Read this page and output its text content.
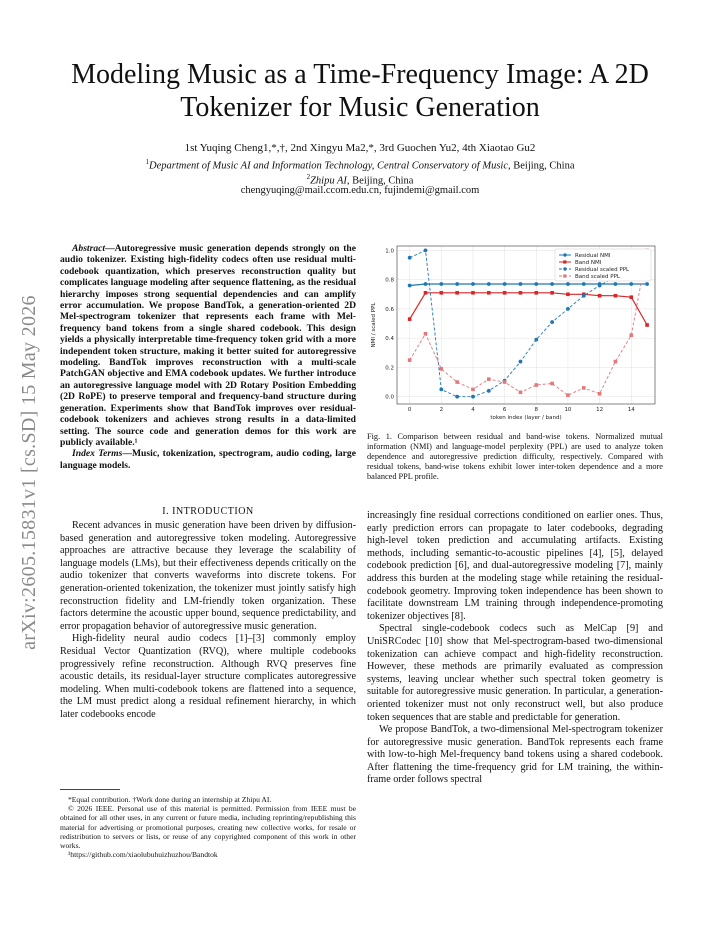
arXiv:2605.15831v1 [cs.SD] 15 May 2026
Modeling Music as a Time-Frequency Image: A 2D Tokenizer for Music Generation
1st Yuqing Cheng1,*,†, 2nd Xingyu Ma2,*, 3rd Guochen Yu2, 4th Xiaotao Gu2
$^1$Department of Music AI and Information Technology, Central Conservatory of Music, Beijing, China
$^2$Zhipu AI, Beijing, China
chengyuqing@mail.ccom.edu.cn, fujindemi@gmail.com

Abstract—Autoregressive music generation depends strongly on the audio tokenizer. Existing high-fidelity codecs often use residual multi-codebook quantization, which preserves reconstruction quality but complicates language modeling after sequence flattening, as the residual hierarchy imposes strong sequential dependencies and can amplify error accumulation. We propose BandTok, a generation-oriented 2D Mel-spectrogram tokenizer that represents each frame with Mel-frequency band tokens from a single shared codebook. This design yields a physically interpretable time-frequency token grid with a more independent token structure, making it better suited for autoregressive modeling. BandTok improves reconstruction with a multi-scale PatchGAN objective and EMA codebook updates. We further introduce an autoregressive language model with 2D Rotary Position Embedding (2D RoPE) to preserve temporal and frequency-band structure during generation. Experiments show that BandTok improves over residual-codebook tokenizers and achieves strong results in a data-limited setting. The source code and generation demos for this work are publicly available.¹

Index Terms—Music, tokenization, spectrogram, audio coding, large language models.

I. INTRODUCTION

Recent advances in music generation have been driven by diffusion-based generation and autoregressive token modeling. Autoregressive approaches are attractive because they leverage the scalability of language models (LMs), but their effectiveness depends critically on the audio tokenizer that converts waveforms into discrete tokens. For generation-oriented tokenization, the tokenizer must jointly satisfy high reconstruction fidelity and LM-friendly token organization. These factors determine the acoustic upper bound, sequence predictability, and error propagation behavior of autoregressive music generation.

High-fidelity neural audio codecs [1]–[3] commonly employ Residual Vector Quantization (RVQ), where multiple codebooks progressively refine reconstruction. Although RVQ preserves fine acoustic details, its residual-layer structure complicates autoregressive modeling. When multi-codebook tokens are flattened into a sequence, the LM must predict along a residual refinement hierarchy, in which later codebooks encode

*Equal contribution. †Work done during an internship at Zhipu AI.

© 2026 IEEE. Personal use of this material is permitted. Permission from IEEE must be obtained for all other uses, in any current or future media, including reprinting/republishing this material for advertising or promotional purposes, creating new collective works, for resale or redistribution to servers or lists, or reuse of any copyrighted component of this work in other works.

¹https://github.com/xiaolubuhuizhuzhou/Bandtok

0	2	4	6	8	10	12	14
0.0
0.2
0.4
0.6
0.8
1.0
token index (layer / band)
NMI / scaled PPL
Residual NMI
Band NMI
Residual scaled PPL
Band scaled PPL
Fig. 1. Comparison between residual and band-wise tokens. Normalized mutual information (NMI) and language-model perplexity (PPL) are used to analyze token dependence and autoregressive prediction difficulty, respectively. Compared with residual tokens, band-wise tokens exhibit lower inter-token dependence and a more balanced PPL profile.

increasingly fine residual corrections conditioned on earlier ones. Thus, early prediction errors can propagate to later codebooks, degrading high-level token prediction and accumulating artifacts. Existing methods, including semantic-to-acoustic pipelines [4], [5], delayed codebook prediction [6], and dual-autoregressive modeling [7], mainly address this burden at the modeling stage while retaining the residual-codebook geometry. Improving token independence has been shown to facilitate downstream LM training through independence-promoting tokenizer objectives [8].

Spectral single-codebook codecs such as MelCap [9] and UniSRCodec [10] show that Mel-spectrogram-based two-dimensional tokenization can achieve compact and high-fidelity reconstruction. However, these methods are primarily evaluated as compression systems, leaving unclear whether such spectral token geometry is suitable for autoregressive music generation. In particular, a generation-oriented tokenizer must not only reconstruct well, but also produce token sequences that are stable and predictable for generation.

We propose BandTok, a two-dimensional Mel-spectrogram tokenizer for autoregressive music generation. BandTok represents each frame with low-to-high Mel-frequency band tokens using a shared codebook. After flattening the time-frequency grid for LM training, the within-frame order follows spectral
